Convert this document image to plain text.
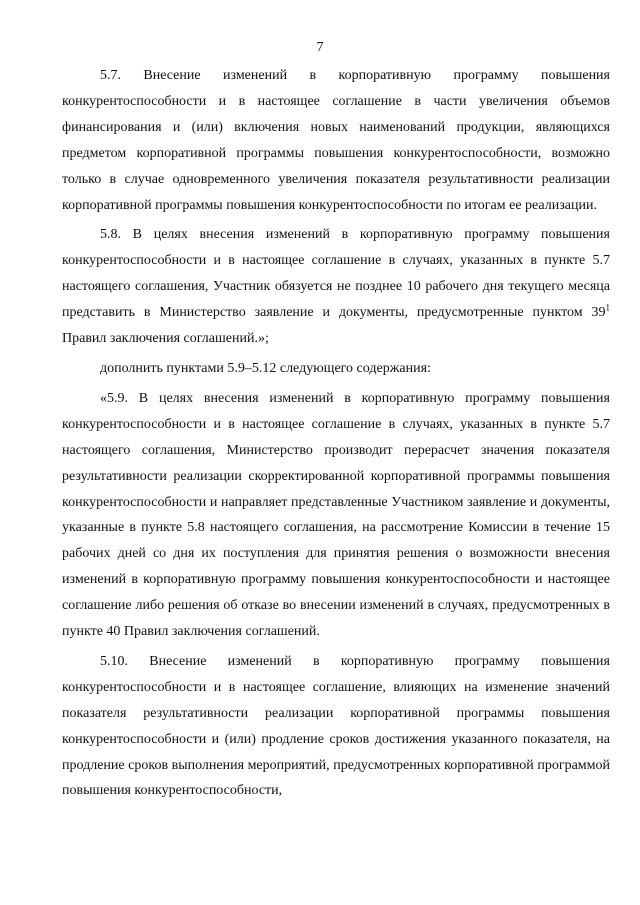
7

5.7. Внесение изменений в корпоративную программу повышения конкурентоспособности и в настоящее соглашение в части увеличения объемов финансирования и (или) включения новых наименований продукции, являющихся предметом корпоративной программы повышения конкурентоспособности, возможно только в случае одновременного увеличения показателя результативности реализации корпоративной программы повышения конкурентоспособности по итогам ее реализации.

5.8. В целях внесения изменений в корпоративную программу повышения конкурентоспособности и в настоящее соглашение в случаях, указанных в пункте 5.7 настоящего соглашения, Участник обязуется не позднее 10 рабочего дня текущего месяца представить в Министерство заявление и документы, предусмотренные пунктом $39^1$ Правил заключения соглашений.»;

дополнить пунктами 5.9–5.12 следующего содержания:

«5.9. В целях внесения изменений в корпоративную программу повышения конкурентоспособности и в настоящее соглашение в случаях, указанных в пункте 5.7 настоящего соглашения, Министерство производит перерасчет значения показателя результативности реализации скорректированной корпоративной программы повышения конкурентоспособности и направляет представленные Участником заявление и документы, указанные в пункте 5.8 настоящего соглашения, на рассмотрение Комиссии в течение 15 рабочих дней со дня их поступления для принятия решения о возможности внесения изменений в корпоративную программу повышения конкурентоспособности и настоящее соглашение либо решения об отказе во внесении изменений в случаях, предусмотренных в пункте 40 Правил заключения соглашений.

5.10. Внесение изменений в корпоративную программу повышения конкурентоспособности и в настоящее соглашение, влияющих на изменение значений показателя результативности реализации корпоративной программы повышения конкурентоспособности и (или) продление сроков достижения указанного показателя, на продление сроков выполнения мероприятий, предусмотренных корпоративной программой повышения конкурентоспособности,
